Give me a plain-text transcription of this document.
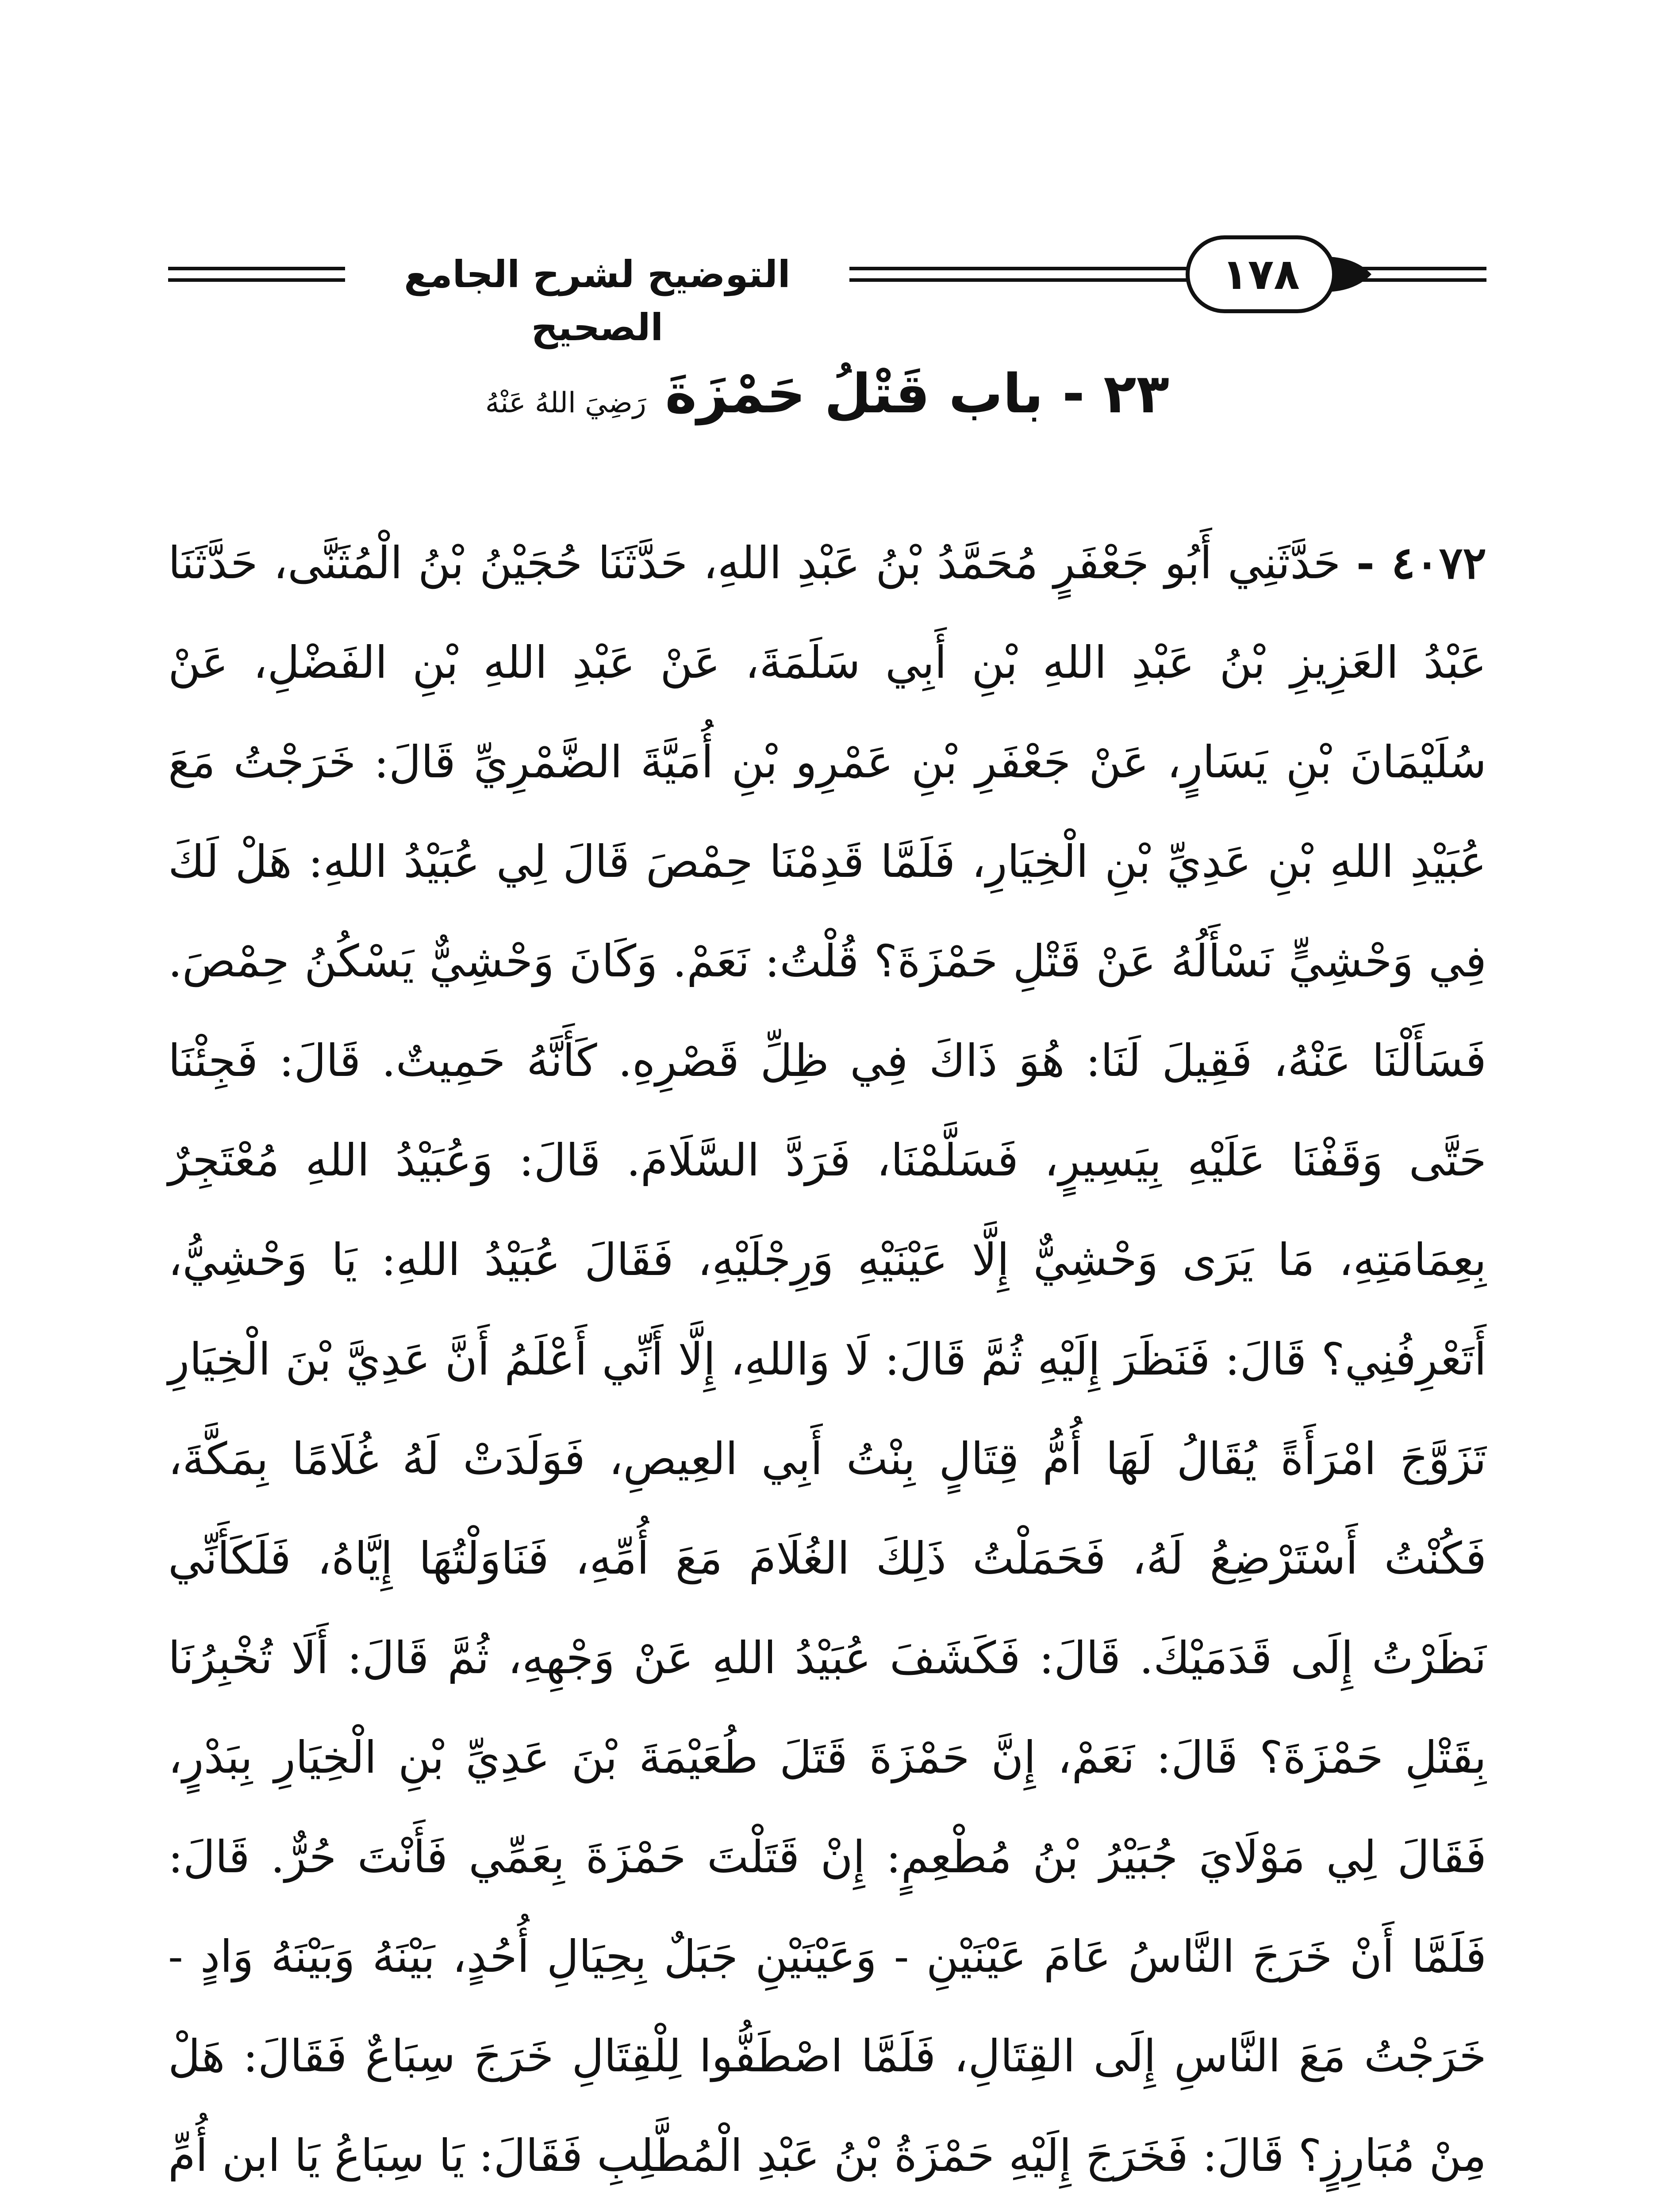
التوضيح لشرح الجامع الصحيح
١٧٨
٢٣ - باب قَتْلُ حَمْزَةَ رَضِيَ اللهُ عَنْهُ

٤٠٧٢ - حَدَّثَنِي أَبُو جَعْفَرٍ مُحَمَّدُ بْنُ عَبْدِ اللهِ، حَدَّثَنَا حُجَيْنُ بْنُ الْمُثَنَّى، حَدَّثَنَا عَبْدُ العَزِيزِ بْنُ عَبْدِ اللهِ بْنِ أَبِي سَلَمَةَ، عَنْ عَبْدِ اللهِ بْنِ الفَضْلِ، عَنْ سُلَيْمَانَ بْنِ يَسَارٍ، عَنْ جَعْفَرِ بْنِ عَمْرِو بْنِ أُمَيَّةَ الضَّمْرِيِّ قَالَ: خَرَجْتُ مَعَ عُبَيْدِ اللهِ بْنِ عَدِيِّ بْنِ الْخِيَارِ، فَلَمَّا قَدِمْنَا حِمْصَ قَالَ لِي عُبَيْدُ اللهِ: هَلْ لَكَ فِي وَحْشِيٍّ نَسْأَلُهُ عَنْ قَتْلِ حَمْزَةَ؟ قُلْتُ: نَعَمْ. وَكَانَ وَحْشِيٌّ يَسْكُنُ حِمْصَ. فَسَأَلْنَا عَنْهُ، فَقِيلَ لَنَا: هُوَ ذَاكَ فِي ظِلِّ قَصْرِهِ. كَأَنَّهُ حَمِيتٌ. قَالَ: فَجِئْنَا حَتَّى وَقَفْنَا عَلَيْهِ بِيَسِيرٍ، فَسَلَّمْنَا، فَرَدَّ السَّلَامَ. قَالَ: وَعُبَيْدُ اللهِ مُعْتَجِرٌ بِعِمَامَتِهِ، مَا يَرَى وَحْشِيٌّ إِلَّا عَيْنَيْهِ وَرِجْلَيْهِ، فَقَالَ عُبَيْدُ اللهِ: يَا وَحْشِيُّ، أَتَعْرِفُنِي؟ قَالَ: فَنَظَرَ إِلَيْهِ ثُمَّ قَالَ: لَا وَاللهِ، إِلَّا أَنِّي أَعْلَمُ أَنَّ عَدِيَّ بْنَ الْخِيَارِ تَزَوَّجَ امْرَأَةً يُقَالُ لَهَا أُمُّ قِتَالٍ بِنْتُ أَبِي العِيصِ، فَوَلَدَتْ لَهُ غُلَامًا بِمَكَّةَ، فَكُنْتُ أَسْتَرْضِعُ لَهُ، فَحَمَلْتُ ذَلِكَ الغُلَامَ مَعَ أُمِّهِ، فَنَاوَلْتُهَا إِيَّاهُ، فَلَكَأَنِّي نَظَرْتُ إِلَى قَدَمَيْكَ. قَالَ: فَكَشَفَ عُبَيْدُ اللهِ عَنْ وَجْهِهِ، ثُمَّ قَالَ: أَلَا تُخْبِرُنَا بِقَتْلِ حَمْزَةَ؟ قَالَ: نَعَمْ، إِنَّ حَمْزَةَ قَتَلَ طُعَيْمَةَ بْنَ عَدِيِّ بْنِ الْخِيَارِ بِبَدْرٍ، فَقَالَ لِي مَوْلَايَ جُبَيْرُ بْنُ مُطْعِمٍ: إِنْ قَتَلْتَ حَمْزَةَ بِعَمِّي فَأَنْتَ حُرٌّ. قَالَ: فَلَمَّا أَنْ خَرَجَ النَّاسُ عَامَ عَيْنَيْنِ - وَعَيْنَيْنِ جَبَلٌ بِحِيَالِ أُحُدٍ، بَيْنَهُ وَبَيْنَهُ وَادٍ - خَرَجْتُ مَعَ النَّاسِ إِلَى القِتَالِ، فَلَمَّا اصْطَفُّوا لِلْقِتَالِ خَرَجَ سِبَاعٌ فَقَالَ: هَلْ مِنْ مُبَارِزٍ؟ قَالَ: فَخَرَجَ إِلَيْهِ حَمْزَةُ بْنُ عَبْدِ الْمُطَّلِبِ فَقَالَ: يَا سِبَاعُ يَا ابن أُمِّ
